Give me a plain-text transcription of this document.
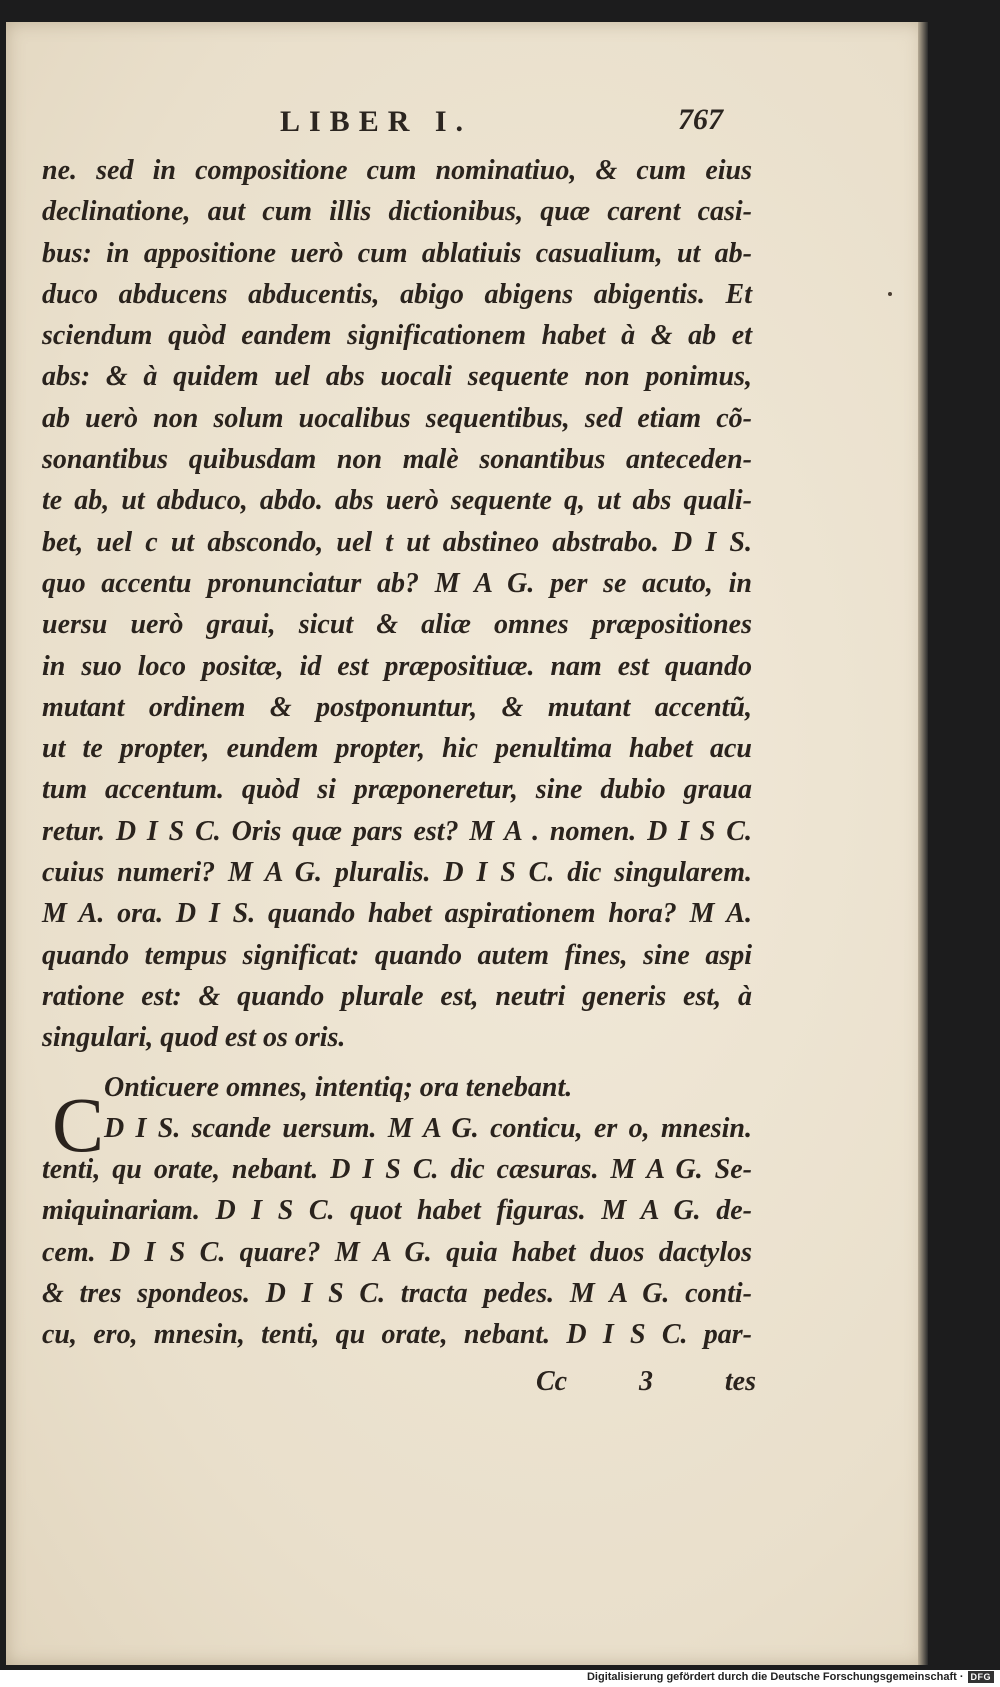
LIBER I.	767
ne. sed in compositione cum nominatiuo, & cum eius
declinatione, aut cum illis dictionibus, quæ carent casi-
bus: in appositione uerò cum ablatiuis casualium, ut ab-
duco abducens abducentis, abigo abigens abigentis. Et
sciendum quòd eandem significationem habet à & ab et
abs: & à quidem uel abs uocali sequente non ponimus,
ab uerò non solum uocalibus sequentibus, sed etiam cõ-
sonantibus quibusdam non malè sonantibus anteceden-
te ab, ut abduco, abdo. abs uerò sequente q, ut abs quali-
bet, uel c ut abscondo, uel t ut abstineo abstrabo. D I S.
quo accentu pronunciatur ab? M A G. per se acuto, in
uersu uerò graui, sicut & aliæ omnes præpositiones
in suo loco positæ, id est præpositiuæ. nam est quando
mutant ordinem & postponuntur, & mutant accentũ,
ut te propter, eundem propter, hic penultima habet acu
tum accentum. quòd si præponeretur, sine dubio graua
retur. D I S C. Oris quæ pars est? M A . nomen. D I S C.
cuius numeri? M A G. pluralis. D I S C. dic singularem.
M A. ora. D I S. quando habet aspirationem hora? M A.
quando tempus significat: quando autem fines, sine aspi
ratione est: & quando plurale est, neutri generis est, à
singulari, quod est os oris.
Onticuere omnes, intentiq; ora tenebant.
D I S. scande uersum. M A G. conticu, er o, mnesin.
tenti, qu orate, nebant. D I S C. dic cæsuras. M A G. Se-
miquinariam. D I S C. quot habet figuras. M A G. de-
cem. D I S C. quare? M A G. quia habet duos dactylos
& tres spondeos. D I S C. tracta pedes. M A G. conti-
cu, ero, mnesin, tenti, qu orate, nebant. D I S C. par-
C
Cc	3	tes
Digitalisierung gefördert durch die Deutsche Forschungsgemeinschaft · DFG
